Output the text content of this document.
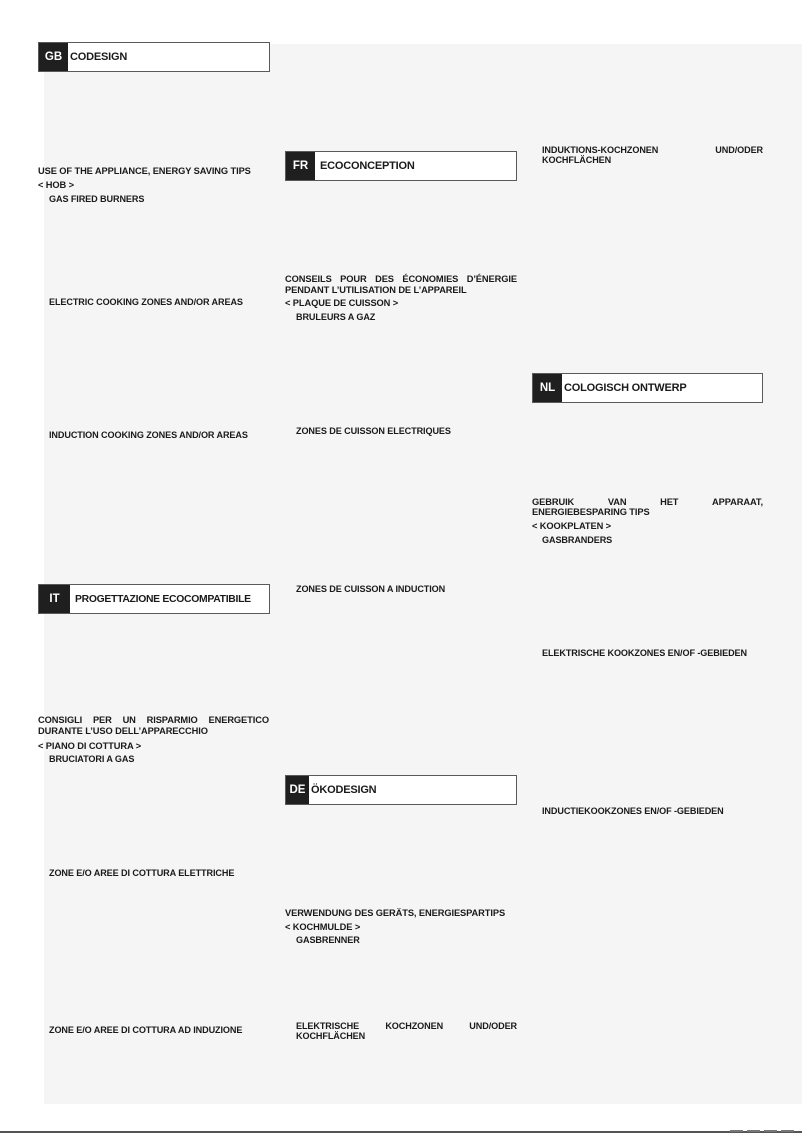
GB CODESIGN
USE OF THE APPLIANCE, ENERGY SAVING TIPS
< HOB >
GAS FIRED BURNERS
ELECTRIC COOKING ZONES AND/OR AREAS
INDUCTION COOKING ZONES AND/OR AREAS
IT	PROGETTAZIONE ECOCOMPATIBILE
CONSIGLI PER UN RISPARMIO ENERGETICO
DURANTE L’USO DELL’APPARECCHIO
< PIANO DI COTTURA >
BRUCIATORI A GAS
ZONE E/O AREE DI COTTURA ELETTRICHE
ZONE E/O AREE DI COTTURA AD INDUZIONE
FR	ECOCONCEPTION
CONSEILS POUR DES ÉCONOMIES D’ÉNERGIE
PENDANT L’UTILISATION DE L’APPAREIL
< PLAQUE DE CUISSON >
BRULEURS A GAZ
ZONES DE CUISSON ELECTRIQUES
ZONES DE CUISSON A INDUCTION
DE ÖKODESIGN
VERWENDUNG DES GERÄTS, ENERGIESPARTIPS
< KOCHMULDE >
GASBRENNER
ELEKTRISCHE	KOCHZONEN	UND/ODER
KOCHFLÄCHEN
INDUKTIONS-KOCHZONEN	UND/ODER
KOCHFLÄCHEN
NL COLOGISCH ONTWERP
GEBRUIK	VAN	HET	APPARAAT,
ENERGIEBESPARING TIPS
< KOOKPLATEN >
GASBRANDERS
ELEKTRISCHE KOOKZONES EN/OF -GEBIEDEN
INDUCTIEKOOKZONES EN/OF -GEBIEDEN
